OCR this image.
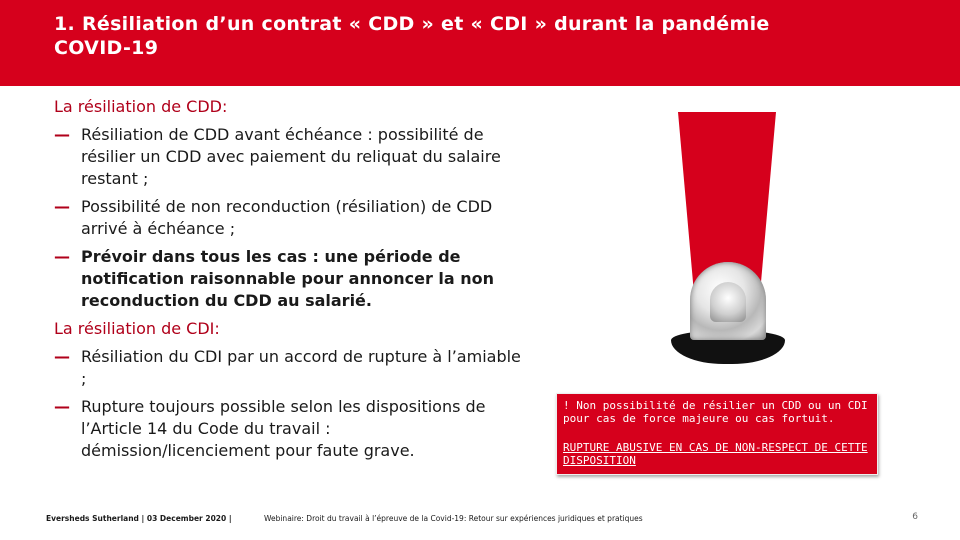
1. Résiliation d’un contrat « CDD » et « CDI » durant la pandémie COVID-19

La résiliation de CDD:

— Résiliation de CDD avant échéance : possibilité de résilier un CDD avec paiement du reliquat du salaire restant ;
— Possibilité de non reconduction (résiliation) de CDD arrivé à échéance ;
— Prévoir dans tous les cas : une période de notification raisonnable pour annoncer la non reconduction du CDD au salarié.

La résiliation de CDI:

— Résiliation du CDI par un accord de rupture à l’amiable ;
— Rupture toujours possible selon les dispositions de l’Article 14 du Code du travail : démission/licenciement pour faute grave.

! Non possibilité de résilier un CDD ou un CDI pour cas de force majeure ou cas fortuit.

RUPTURE ABUSIVE EN CAS DE NON-RESPECT DE CETTE DISPOSITION

Eversheds Sutherland | 03 December 2020 |	Webinaire: Droit du travail à l’épreuve de la Covid-19: Retour sur expériences juridiques et pratiques	6
